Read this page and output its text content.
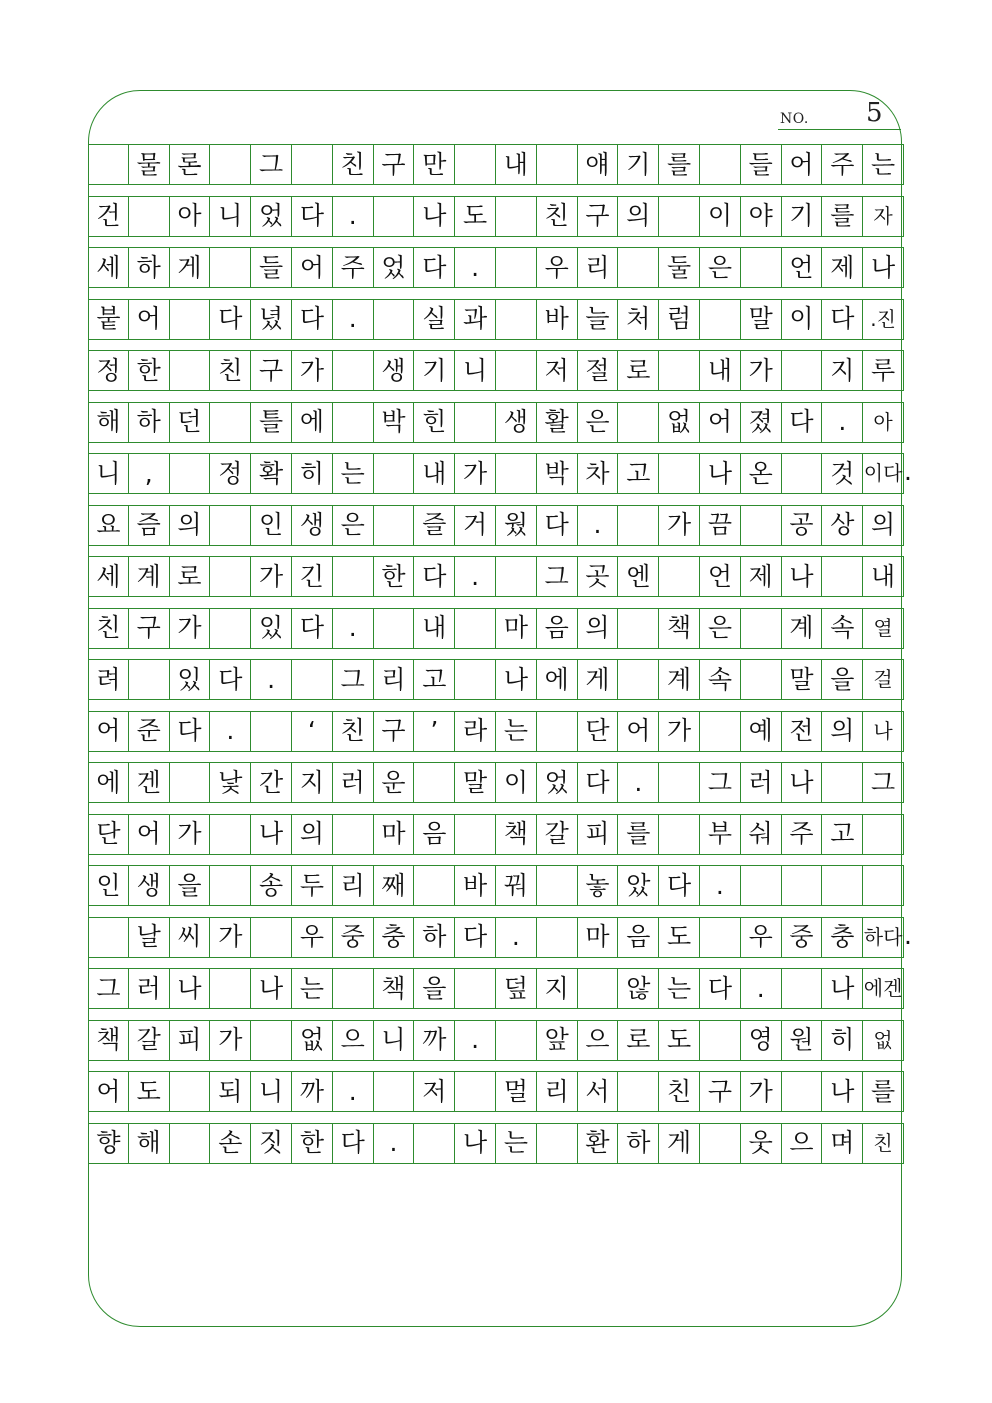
NO. 5
물 론	그	친 구 만	내	얘 기 를	들 어 주 는
건	아 니 었 다 .	나 도	친 구 의	이 야 기 를 자
세 하 게	들 어 주 었 다 .	우 리	둘 은	언 제 나
붙 어	다 녔 다 .	실 과	바 늘 처 럼	말 이 다 .진
정 한	친 구 가	생 기 니	저 절 로	내 가	지 루
해 하 던	틀 에	박 힌	생 활 은	없 어 졌 다 .	아
니 ,	정 확 히 는	내 가	박 차 고	나 온	것 이다 .
요 즘 의	인 생 은	즐 거 웠 다 .	가 끔	공 상 의
세 계 로	가 긴	한 다 .	그 곳 엔	언 제 나	내
친 구 가	있 다 .	내	마 음 의	책 은	계 속 열
려	있 다 .	그 리 고	나 에 게	계 속	말 을 걸
어 준 다 .	‘ 친 구 ’ 라 는	단 어 가	예 전 의 나
에 겐	낯 간 지 러 운	말 이 었 다 .	그 러 나	그
단 어 가	나 의	마 음	책 갈 피 를	부 숴 주 고
인 생 을	송 두 리 째	바 꿔	놓 았 다 .
날 씨 가	우 중 충 하 다 .	마 음 도	우 중 충 하다 .
그 러 나	나 는	책 을	덮 지	않 는 다 .	나 에겐
책 갈 피 가	없 으 니 까 .	앞 으 로 도	영 원 히 없
어 도	되 니 까 .	저	멀 리 서	친 구 가	나 를
향 해	손 짓 한 다 .	나 는	환 하 게	웃 으 며 친
